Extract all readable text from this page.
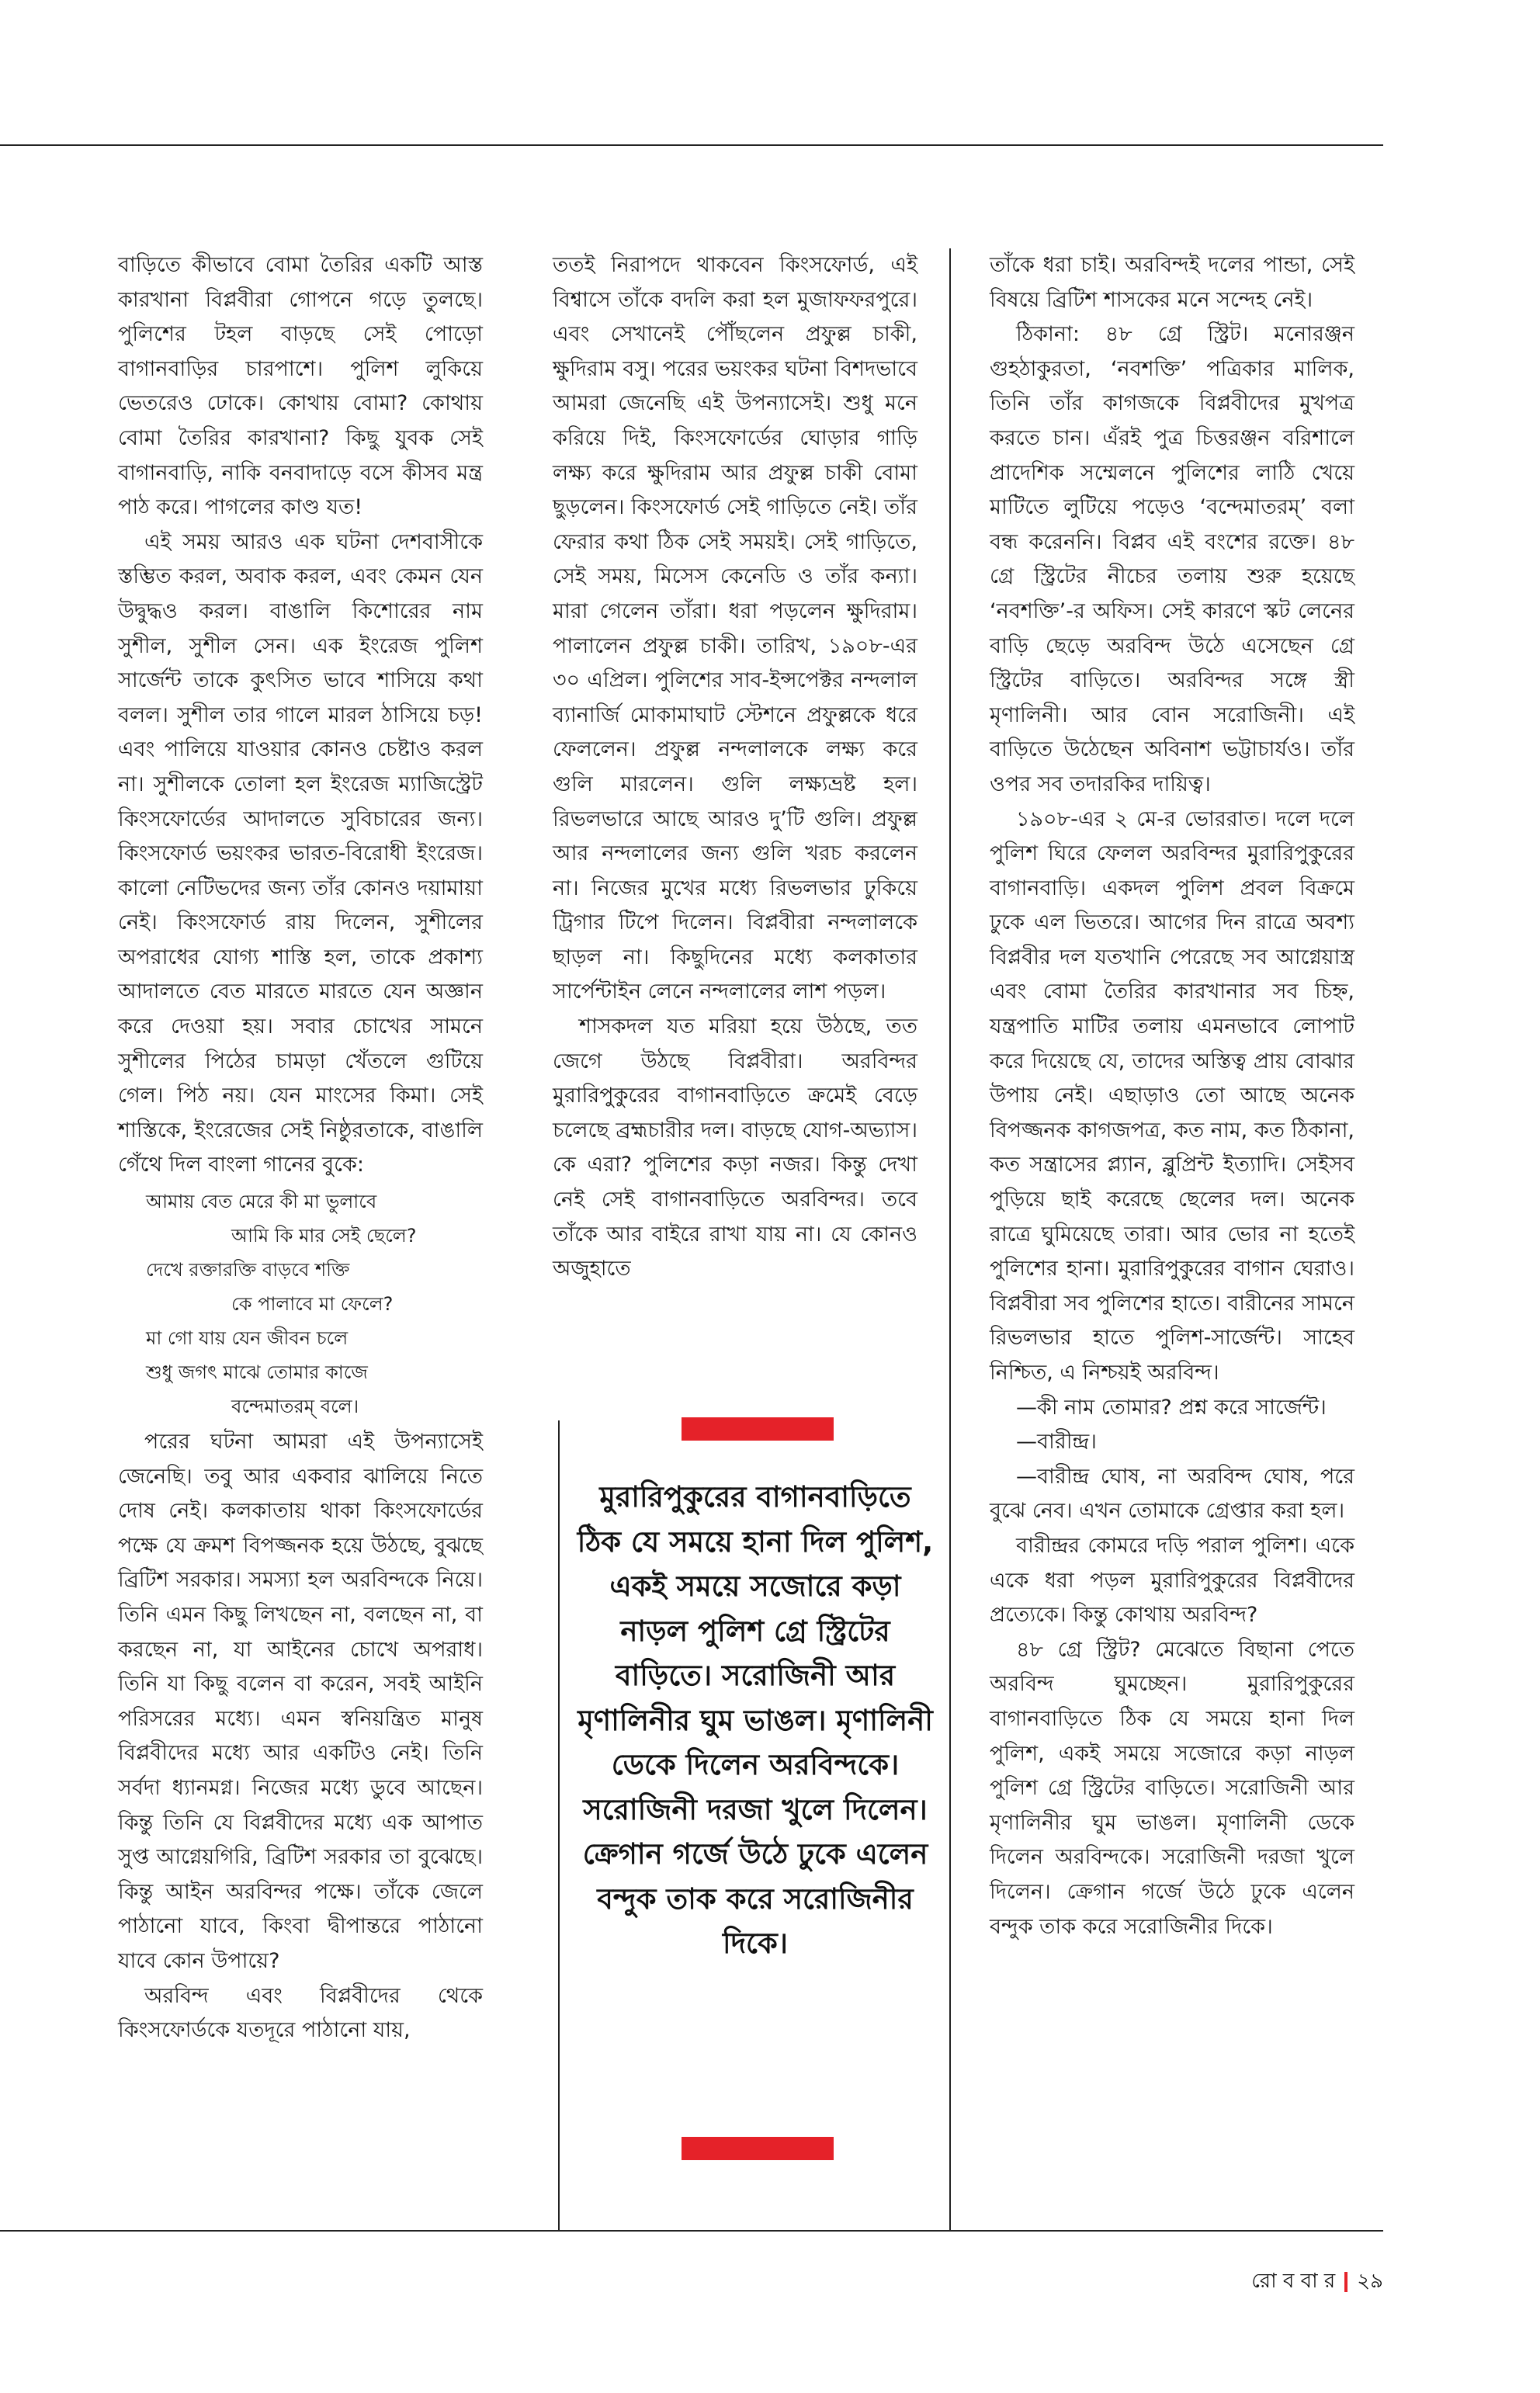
বাড়িতে কীভাবে বোমা তৈরির একটি আস্ত কারখানা বিপ্লবীরা গোপনে গড়ে তুলছে। পুলিশের টহল বাড়ছে সেই পোড়ো বাগানবাড়ির চারপাশে। পুলিশ লুকিয়ে ভেতরেও ঢোকে। কোথায় বোমা? কোথায় বোমা তৈরির কারখানা? কিছু যুবক সেই বাগানবাড়ি, নাকি বনবাদাড়ে বসে কীসব মন্ত্র পাঠ করে। পাগলের কাণ্ড যত!

এই সময় আরও এক ঘটনা দেশবাসীকে স্তম্ভিত করল, অবাক করল, এবং কেমন যেন উদ্বুদ্ধও করল। বাঙালি কিশোরের নাম সুশীল, সুশীল সেন। এক ইংরেজ পুলিশ সার্জেন্ট তাকে কুৎসিত ভাবে শাসিয়ে কথা বলল। সুশীল তার গালে মারল ঠাসিয়ে চড়! এবং পালিয়ে যাওয়ার কোনও চেষ্টাও করল না। সুশীলকে তোলা হল ইংরেজ ম্যাজিস্ট্রেট কিংসফোর্ডের আদালতে সুবিচারের জন্য। কিংসফোর্ড ভয়ংকর ভারত-বিরোধী ইংরেজ। কালো নেটিভদের জন্য তাঁর কোনও দয়ামায়া নেই। কিংসফোর্ড রায় দিলেন, সুশীলের অপরাধের যোগ্য শাস্তি হল, তাকে প্রকাশ্য আদালতে বেত মারতে মারতে যেন অজ্ঞান করে দেওয়া হয়। সবার চোখের সামনে সুশীলের পিঠের চামড়া খেঁতলে গুটিয়ে গেল। পিঠ নয়। যেন মাংসের কিমা। সেই শাস্তিকে, ইংরেজের সেই নিষ্ঠুরতাকে, বাঙালি গেঁথে দিল বাংলা গানের বুকে:

আমায় বেত মেরে কী মা ভুলাবে
আমি কি মার সেই ছেলে?
দেখে রক্তারক্তি বাড়বে শক্তি
কে পালাবে মা ফেলে?
মা গো যায় যেন জীবন চলে
শুধু জগৎ মাঝে তোমার কাজে
বন্দেমাতরম্ বলে।

পরের ঘটনা আমরা এই উপন্যাসেই জেনেছি। তবু আর একবার ঝালিয়ে নিতে দোষ নেই। কলকাতায় থাকা কিংসফোর্ডের পক্ষে যে ক্রমশ বিপজ্জনক হয়ে উঠছে, বুঝছে ব্রিটিশ সরকার। সমস্যা হল অরবিন্দকে নিয়ে। তিনি এমন কিছু লিখছেন না, বলছেন না, বা করছেন না, যা আইনের চোখে অপরাধ। তিনি যা কিছু বলেন বা করেন, সবই আইনি পরিসরের মধ্যে। এমন স্বনিয়ন্ত্রিত মানুষ বিপ্লবীদের মধ্যে আর একটিও নেই। তিনি সর্বদা ধ্যানমগ্ন। নিজের মধ্যে ডুবে আছেন। কিন্তু তিনি যে বিপ্লবীদের মধ্যে এক আপাত সুপ্ত আগ্নেয়গিরি, ব্রিটিশ সরকার তা বুঝেছে। কিন্তু আইন অরবিন্দর পক্ষে। তাঁকে জেলে পাঠানো যাবে, কিংবা দ্বীপান্তরে পাঠানো যাবে কোন উপায়ে?

অরবিন্দ এবং বিপ্লবীদের থেকে কিংসফোর্ডকে যতদূরে পাঠানো যায়,

ততই নিরাপদে থাকবেন কিংসফোর্ড, এই বিশ্বাসে তাঁকে বদলি করা হল মুজাফফরপুরে। এবং সেখানেই পৌঁছলেন প্রফুল্ল চাকী, ক্ষুদিরাম বসু। পরের ভয়ংকর ঘটনা বিশদভাবে আমরা জেনেছি এই উপন্যাসেই। শুধু মনে করিয়ে দিই, কিংসফোর্ডের ঘোড়ার গাড়ি লক্ষ্য করে ক্ষুদিরাম আর প্রফুল্ল চাকী বোমা ছুড়লেন। কিংসফোর্ড সেই গাড়িতে নেই। তাঁর ফেরার কথা ঠিক সেই সময়ই। সেই গাড়িতে, সেই সময়, মিসেস কেনেডি ও তাঁর কন্যা। মারা গেলেন তাঁরা। ধরা পড়লেন ক্ষুদিরাম। পালালেন প্রফুল্ল চাকী। তারিখ, ১৯০৮-এর ৩০ এপ্রিল। পুলিশের সাব-ইন্সপেক্টর নন্দলাল ব্যানার্জি মোকামাঘাট স্টেশনে প্রফুল্লকে ধরে ফেললেন। প্রফুল্ল নন্দলালকে লক্ষ্য করে গুলি মারলেন। গুলি লক্ষ্যভ্রষ্ট হল। রিভলভারে আছে আরও দু’টি গুলি। প্রফুল্ল আর নন্দলালের জন্য গুলি খরচ করলেন না। নিজের মুখের মধ্যে রিভলভার ঢুকিয়ে ট্রিগার টিপে দিলেন। বিপ্লবীরা নন্দলালকে ছাড়ল না। কিছুদিনের মধ্যে কলকাতার সার্পেন্টাইন লেনে নন্দলালের লাশ পড়ল।

শাসকদল যত মরিয়া হয়ে উঠছে, তত জেগে উঠছে বিপ্লবীরা। অরবিন্দর মুরারিপুকুরের বাগানবাড়িতে ক্রমেই বেড়ে চলেছে ব্রহ্মচারীর দল। বাড়ছে যোগ-অভ্যাস। কে এরা? পুলিশের কড়া নজর। কিন্তু দেখা নেই সেই বাগানবাড়িতে অরবিন্দর। তবে তাঁকে আর বাইরে রাখা যায় না। যে কোনও অজুহাতে

মুরারিপুকুরের বাগানবাড়িতে ঠিক যে সময়ে হানা দিল পুলিশ, একই সময়ে সজোরে কড়া নাড়ল পুলিশ গ্রে স্ট্রিটের বাড়িতে। সরোজিনী আর মৃণালিনীর ঘুম ভাঙল। মৃণালিনী ডেকে দিলেন অরবিন্দকে। সরোজিনী দরজা খুলে দিলেন। ক্রেগান গর্জে উঠে ঢুকে এলেন বন্দুক তাক করে সরোজিনীর দিকে।

তাঁকে ধরা চাই। অরবিন্দই দলের পান্ডা, সেই বিষয়ে ব্রিটিশ শাসকের মনে সন্দেহ নেই।

ঠিকানা: ৪৮ গ্রে স্ট্রিট। মনোরঞ্জন গুহঠাকুরতা, ‘নবশক্তি’ পত্রিকার মালিক, তিনি তাঁর কাগজকে বিপ্লবীদের মুখপত্র করতে চান। এঁরই পুত্র চিত্তরঞ্জন বরিশালে প্রাদেশিক সম্মেলনে পুলিশের লাঠি খেয়ে মাটিতে লুটিয়ে পড়েও ‘বন্দেমাতরম্’ বলা বন্ধ করেননি। বিপ্লব এই বংশের রক্তে। ৪৮ গ্রে স্ট্রিটের নীচের তলায় শুরু হয়েছে ‘নবশক্তি’-র অফিস। সেই কারণে স্কট লেনের বাড়ি ছেড়ে অরবিন্দ উঠে এসেছেন গ্রে স্ট্রিটের বাড়িতে। অরবিন্দর সঙ্গে স্ত্রী মৃণালিনী। আর বোন সরোজিনী। এই বাড়িতে উঠেছেন অবিনাশ ভট্টাচার্যও। তাঁর ওপর সব তদারকির দায়িত্ব।

১৯০৮-এর ২ মে-র ভোররাত। দলে দলে পুলিশ ঘিরে ফেলল অরবিন্দর মুরারিপুকুরের বাগানবাড়ি। একদল পুলিশ প্রবল বিক্রমে ঢুকে এল ভিতরে। আগের দিন রাত্রে অবশ্য বিপ্লবীর দল যতখানি পেরেছে সব আগ্নেয়াস্ত্র এবং বোমা তৈরির কারখানার সব চিহ্ন, যন্ত্রপাতি মাটির তলায় এমনভাবে লোপাট করে দিয়েছে যে, তাদের অস্তিত্ব প্রায় বোঝার উপায় নেই। এছাড়াও তো আছে অনেক বিপজ্জনক কাগজপত্র, কত নাম, কত ঠিকানা, কত সন্ত্রাসের প্ল্যান, ব্লুপ্রিন্ট ইত্যাদি। সেইসব পুড়িয়ে ছাই করেছে ছেলের দল। অনেক রাত্রে ঘুমিয়েছে তারা। আর ভোর না হতেই পুলিশের হানা। মুরারিপুকুরের বাগান ঘেরাও। বিপ্লবীরা সব পুলিশের হাতে। বারীনের সামনে রিভলভার হাতে পুলিশ-সার্জেন্ট। সাহেব নিশ্চিত, এ নিশ্চয়ই অরবিন্দ।

—কী নাম তোমার? প্রশ্ন করে সার্জেন্ট।

—বারীন্দ্র।

—বারীন্দ্র ঘোষ, না অরবিন্দ ঘোষ, পরে বুঝে নেব। এখন তোমাকে গ্রেপ্তার করা হল।

বারীন্দ্রর কোমরে দড়ি পরাল পুলিশ। একে একে ধরা পড়ল মুরারিপুকুরের বিপ্লবীদের প্রত্যেকে। কিন্তু কোথায় অরবিন্দ?

৪৮ গ্রে স্ট্রিট? মেঝেতে বিছানা পেতে অরবিন্দ ঘুমচ্ছেন। মুরারিপুকুরের বাগানবাড়িতে ঠিক যে সময়ে হানা দিল পুলিশ, একই সময়ে সজোরে কড়া নাড়ল পুলিশ গ্রে স্ট্রিটের বাড়িতে। সরোজিনী আর মৃণালিনীর ঘুম ভাঙল। মৃণালিনী ডেকে দিলেন অরবিন্দকে। সরোজিনী দরজা খুলে দিলেন। ক্রেগান গর্জে উঠে ঢুকে এলেন বন্দুক তাক করে সরোজিনীর দিকে।

রো ব বা র ২৯
